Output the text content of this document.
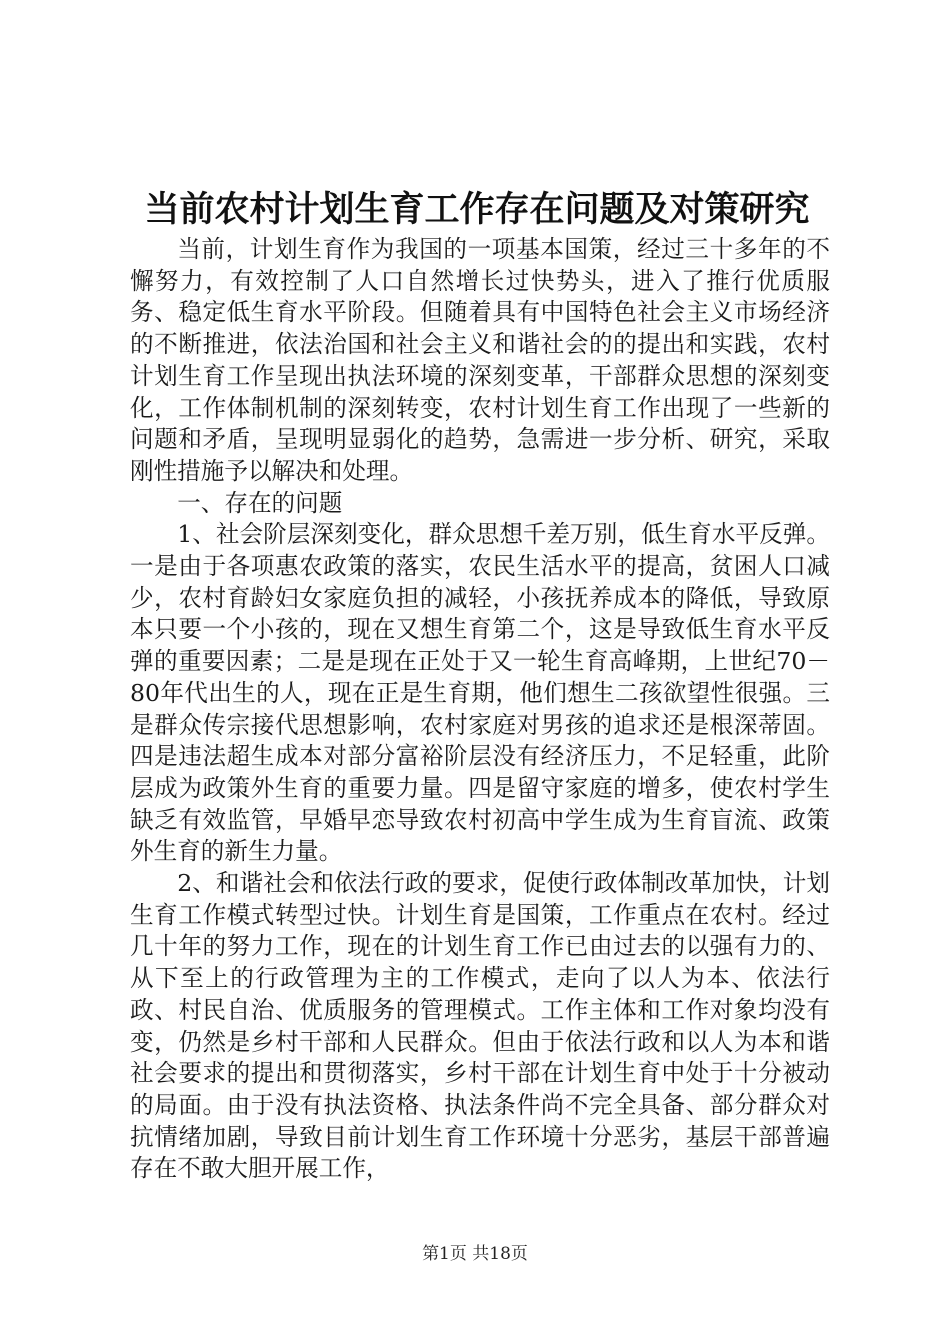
当前农村计划生育工作存在问题及对策研究

当前，计划生育作为我国的一项基本国策，经过三十多年的不懈努力，有效控制了人口自然增长过快势头，进入了推行优质服务、稳定低生育水平阶段。但随着具有中国特色社会主义市场经济的不断推进，依法治国和社会主义和谐社会的的提出和实践，农村计划生育工作呈现出执法环境的深刻变革，干部群众思想的深刻变化，工作体制机制的深刻转变，农村计划生育工作出现了一些新的问题和矛盾，呈现明显弱化的趋势，急需进一步分析、研究，采取刚性措施予以解决和处理。

一、存在的问题

1、社会阶层深刻变化，群众思想千差万别，低生育水平反弹。一是由于各项惠农政策的落实，农民生活水平的提高，贫困人口减少，农村育龄妇女家庭负担的减轻，小孩抚养成本的降低，导致原本只要一个小孩的，现在又想生育第二个，这是导致低生育水平反弹的重要因素；二是是现在正处于又一轮生育高峰期，上世纪70－80年代出生的人，现在正是生育期，他们想生二孩欲望性很强。三是群众传宗接代思想影响，农村家庭对男孩的追求还是根深蒂固。四是违法超生成本对部分富裕阶层没有经济压力，不足轻重，此阶层成为政策外生育的重要力量。四是留守家庭的增多，使农村学生缺乏有效监管，早婚早恋导致农村初高中学生成为生育盲流、政策外生育的新生力量。

2、和谐社会和依法行政的要求，促使行政体制改革加快，计划生育工作模式转型过快。计划生育是国策，工作重点在农村。经过几十年的努力工作，现在的计划生育工作已由过去的以强有力的、从下至上的行政管理为主的工作模式，走向了以人为本、依法行政、村民自治、优质服务的管理模式。工作主体和工作对象均没有变，仍然是乡村干部和人民群众。但由于依法行政和以人为本和谐社会要求的提出和贯彻落实，乡村干部在计划生育中处于十分被动的局面。由于没有执法资格、执法条件尚不完全具备、部分群众对抗情绪加剧，导致目前计划生育工作环境十分恶劣，基层干部普遍存在不敢大胆开展工作，

第1页 共18页
